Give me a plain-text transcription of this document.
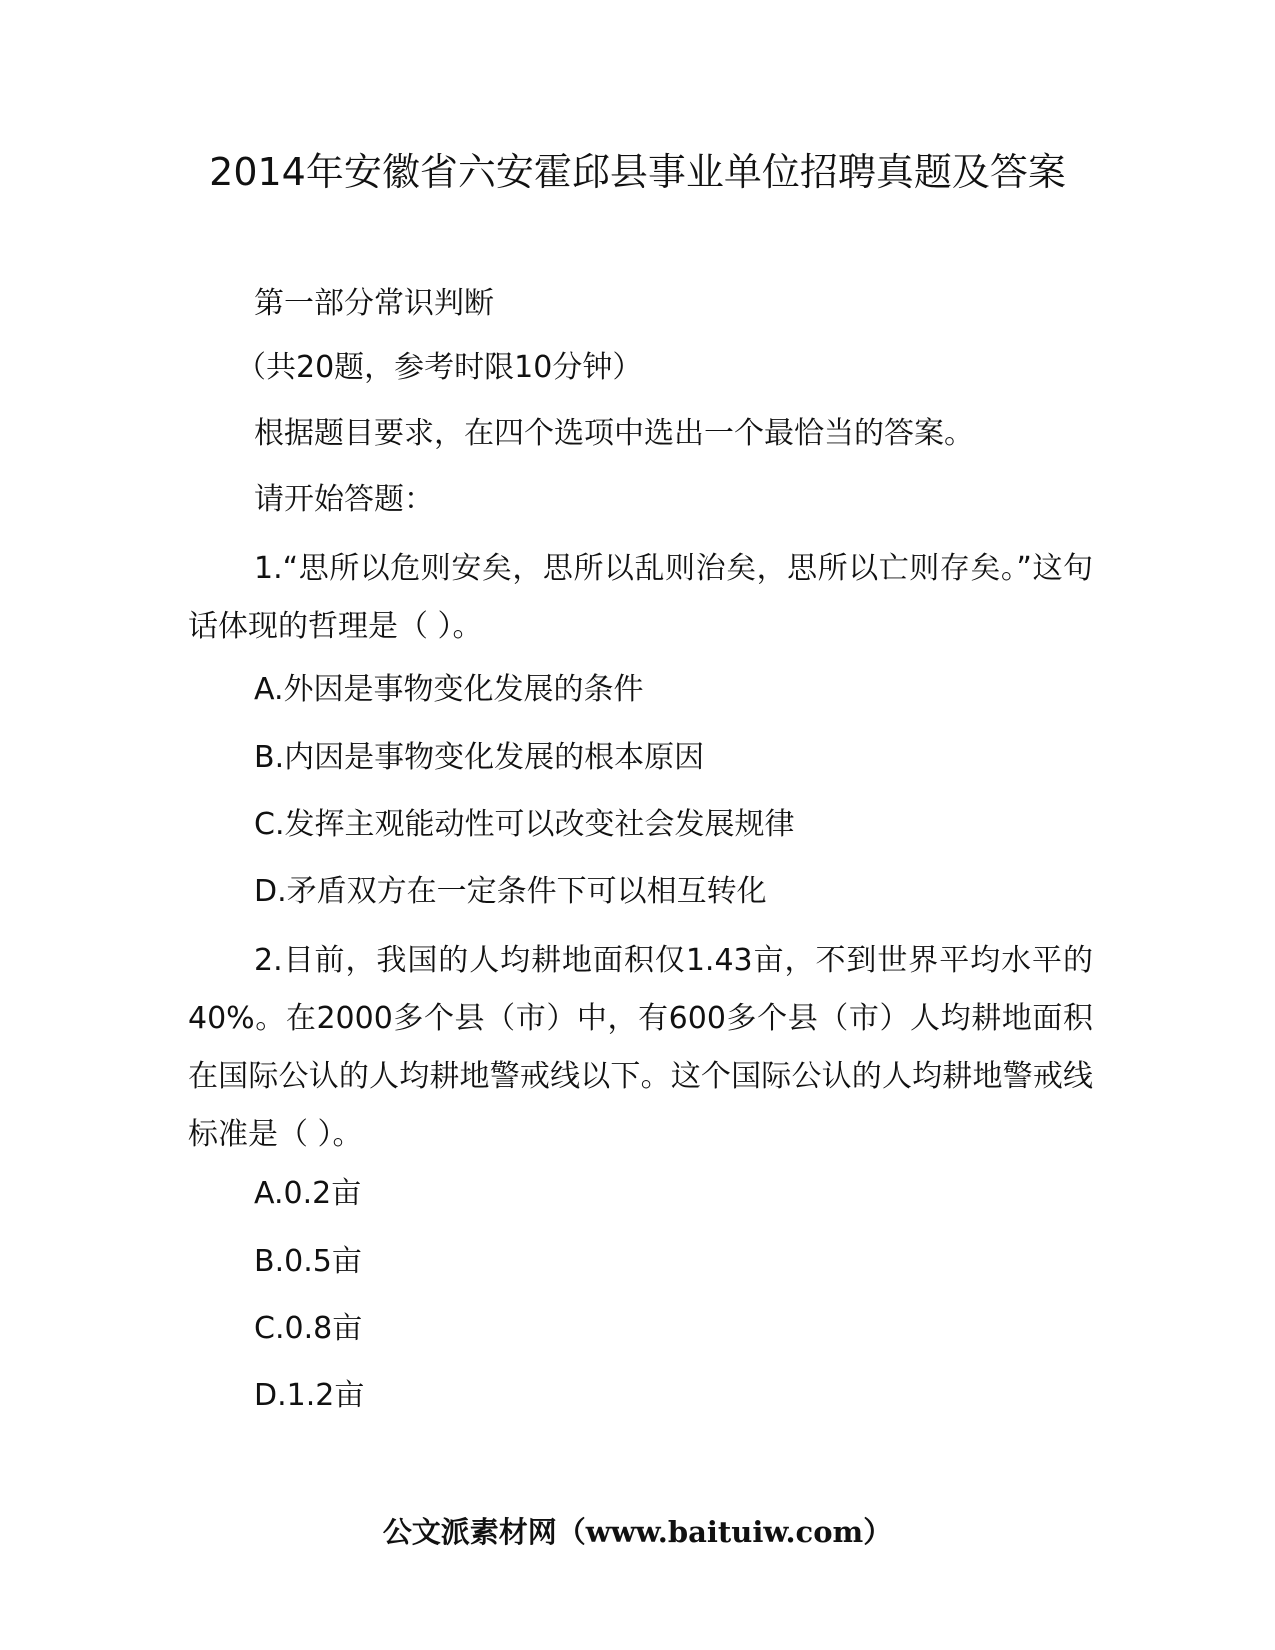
2014年安徽省六安霍邱县事业单位招聘真题及答案

第一部分常识判断

（共20题，参考时限10分钟）

根据题目要求，在四个选项中选出一个最恰当的答案。

请开始答题：

1.“思所以危则安矣，思所以乱则治矣，思所以亡则存矣。”这句话体现的哲理是（ ）。

A.外因是事物变化发展的条件

B.内因是事物变化发展的根本原因

C.发挥主观能动性可以改变社会发展规律

D.矛盾双方在一定条件下可以相互转化

2.目前，我国的人均耕地面积仅1.43亩，不到世界平均水平的40%。在2000多个县（市）中，有600多个县（市）人均耕地面积在国际公认的人均耕地警戒线以下。这个国际公认的人均耕地警戒线标准是（ ）。

A.0.2亩

B.0.5亩

C.0.8亩

D.1.2亩

公文派素材网（www.baituiw.com）
